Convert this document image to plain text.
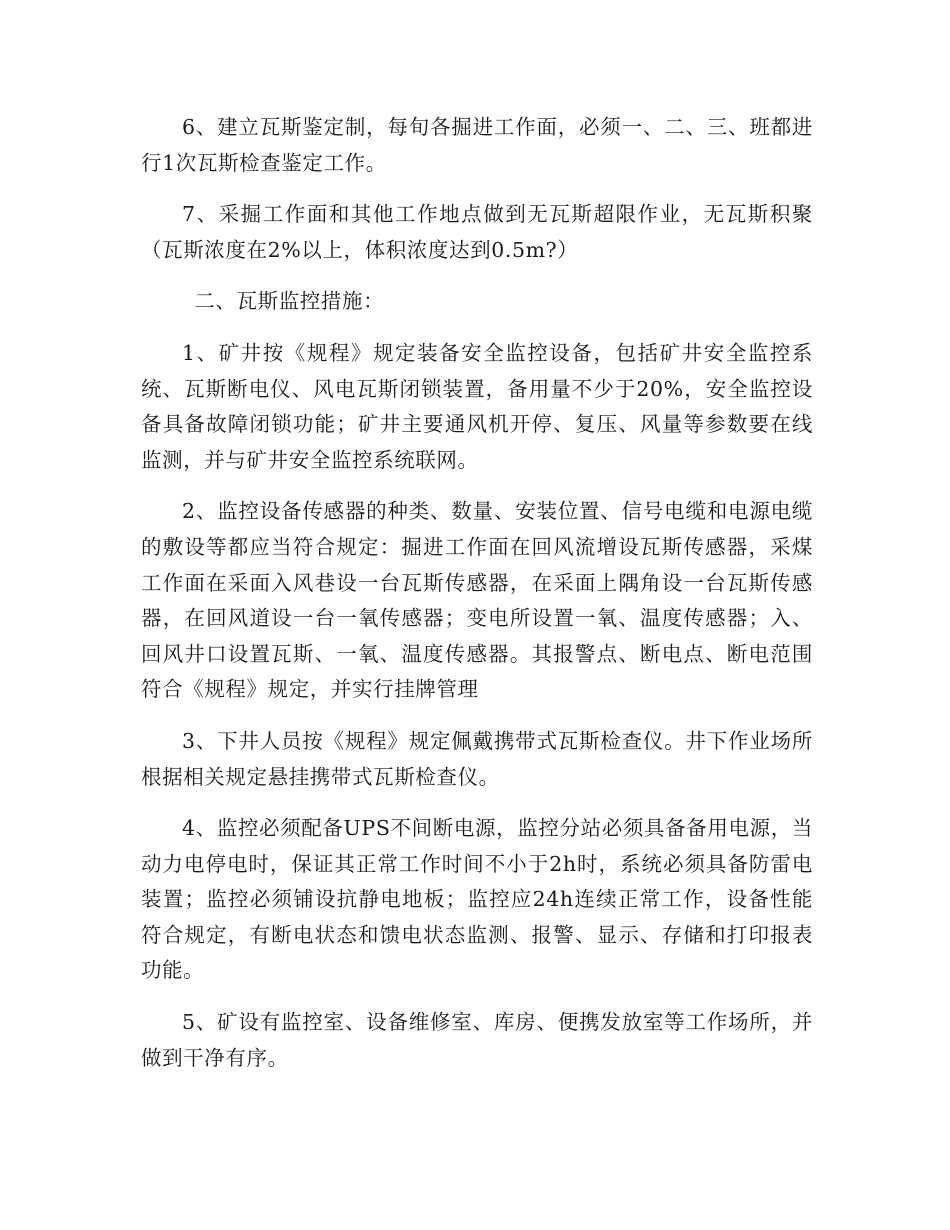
6、建立瓦斯鉴定制，每旬各掘进工作面，必须一、二、三、班都进行1次瓦斯检查鉴定工作。

7、采掘工作面和其他工作地点做到无瓦斯超限作业，无瓦斯积聚（瓦斯浓度在2%以上，体积浓度达到0.5m?）

二、瓦斯监控措施：

1、矿井按《规程》规定装备安全监控设备，包括矿井安全监控系统、瓦斯断电仪、风电瓦斯闭锁装置，备用量不少于20%，安全监控设备具备故障闭锁功能；矿井主要通风机开停、复压、风量等参数要在线监测，并与矿井安全监控系统联网。

2、监控设备传感器的种类、数量、安装位置、信号电缆和电源电缆的敷设等都应当符合规定：掘进工作面在回风流增设瓦斯传感器，采煤工作面在采面入风巷设一台瓦斯传感器，在采面上隅角设一台瓦斯传感器，在回风道设一台一氧传感器；变电所设置一氧、温度传感器；入、回风井口设置瓦斯、一氧、温度传感器。其报警点、断电点、断电范围符合《规程》规定，并实行挂牌管理

3、下井人员按《规程》规定佩戴携带式瓦斯检查仪。井下作业场所根据相关规定悬挂携带式瓦斯检查仪。

4、监控必须配备UPS不间断电源，监控分站必须具备备用电源，当动力电停电时，保证其正常工作时间不小于2h时，系统必须具备防雷电装置；监控必须铺设抗静电地板；监控应24h连续正常工作，设备性能符合规定，有断电状态和馈电状态监测、报警、显示、存储和打印报表功能。

5、矿设有监控室、设备维修室、库房、便携发放室等工作场所，并做到干净有序。
